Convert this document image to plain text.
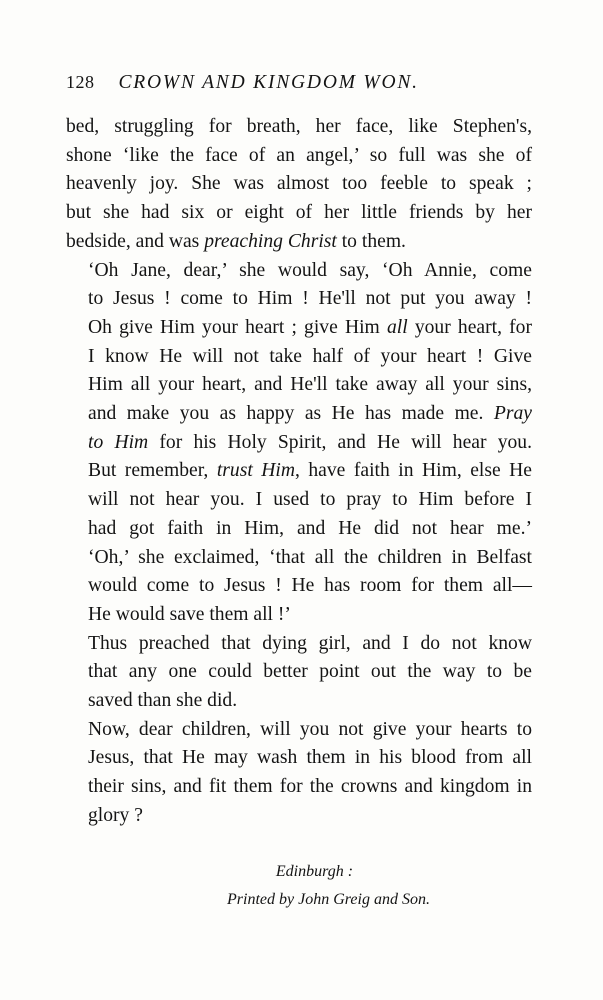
128 CROWN AND KINGDOM WON.

bed, struggling for breath, her face, like Stephen's,
shone ‘like the face of an angel,’ so full was she of
heavenly joy. She was almost too feeble to speak ;
but she had six or eight of her little friends by her
bedside, and was preaching Christ to them.

‘Oh Jane, dear,’ she would say, ‘Oh Annie, come
to Jesus ! come to Him ! He'll not put you away !
Oh give Him your heart ; give Him all your heart, for
I know He will not take half of your heart ! Give
Him all your heart, and He'll take away all your sins,
and make you as happy as He has made me. Pray
to Him for his Holy Spirit, and He will hear you.
But remember, trust Him, have faith in Him, else He
will not hear you. I used to pray to Him before I
had got faith in Him, and He did not hear me.’
‘Oh,’ she exclaimed, ‘that all the children in Belfast
would come to Jesus ! He has room for them all—
He would save them all !’

Thus preached that dying girl, and I do not know
that any one could better point out the way to be
saved than she did.

Now, dear children, will you not give your hearts to
Jesus, that He may wash them in his blood from all
their sins, and fit them for the crowns and kingdom in
glory ?

Edinburgh :
Printed by John Greig and Son.
